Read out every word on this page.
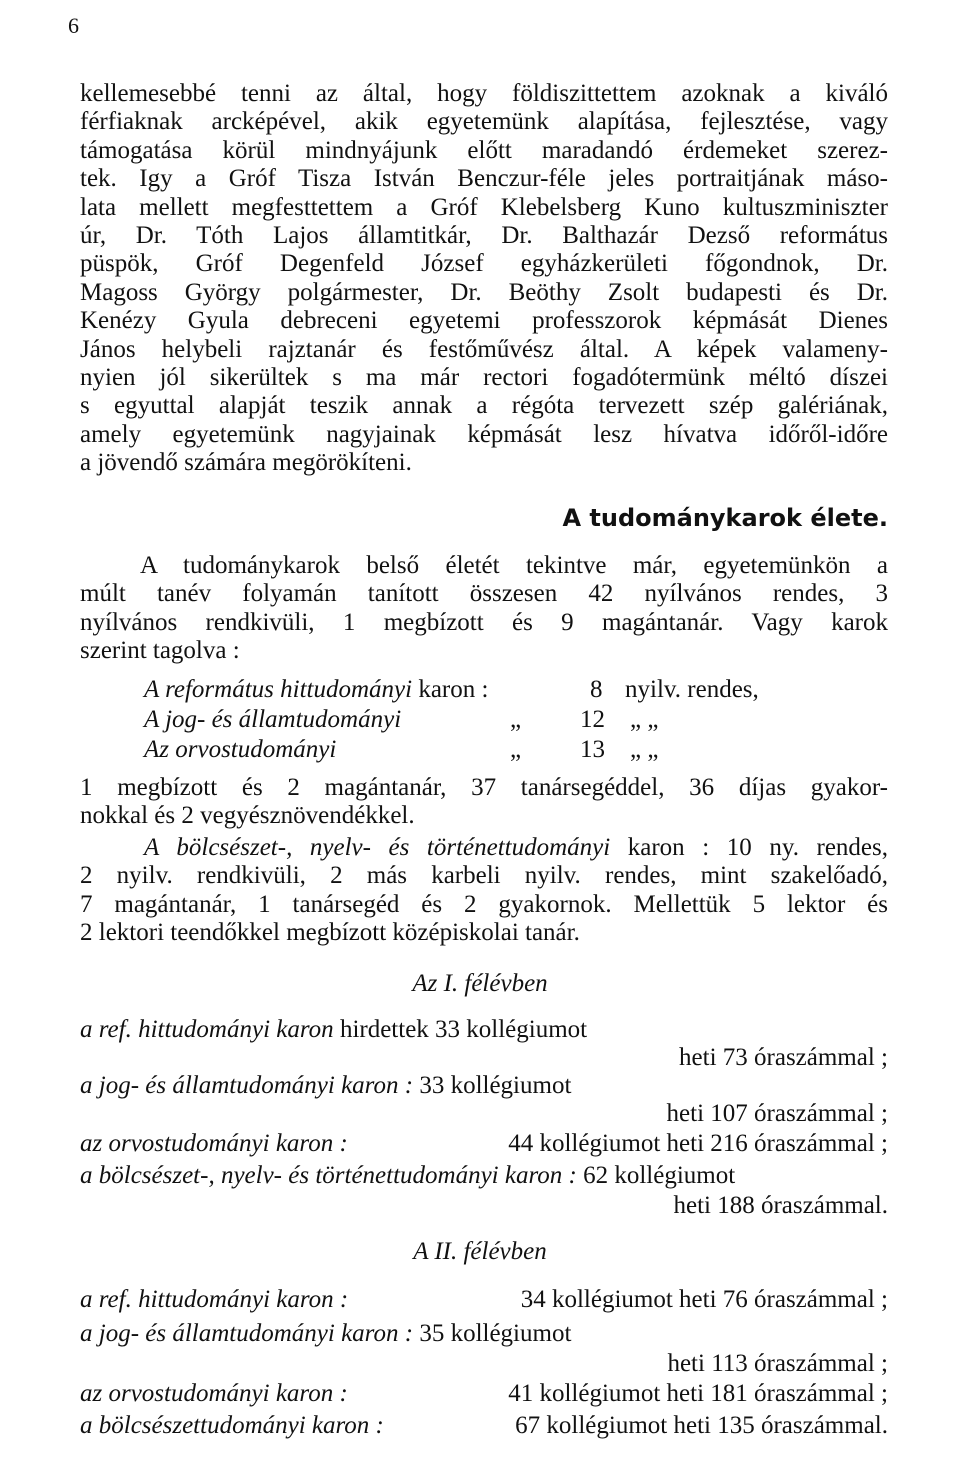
6

kellemesebbé tenni az által, hogy földiszittettem azoknak a kiváló
férfiaknak arcképével, akik egyetemünk alapítása, fejlesztése, vagy
támogatása körül mindnyájunk előtt maradandó érdemeket szerez-
tek. Igy a Gróf Tisza István Benczur-féle jeles portraitjának máso-
lata mellett megfesttettem a Gróf Klebelsberg Kuno kultuszminiszter
úr, Dr. Tóth Lajos államtitkár, Dr. Balthazár Dezső református
püspök, Gróf Degenfeld József egyházkerületi főgondnok, Dr.
Magoss György polgármester, Dr. Beöthy Zsolt budapesti és Dr.
Kenézy Gyula debreceni egyetemi professzorok képmását Dienes
János helybeli rajztanár és festőművész által. A képek valameny-
nyien jól sikerültek s ma már rectori fogadótermünk méltó díszei
s egyuttal alapját teszik annak a régóta tervezett szép galériának,
amely egyetemünk nagyjainak képmását lesz hívatva időről-időre
a jövendő számára megörökíteni.

A tudománykarok élete.

A tudománykarok belső életét tekintve már, egyetemünkön a
múlt tanév folyamán tanított összesen 42 nyílvános rendes, 3
nyílvános rendkivüli, 1 megbízott és 9 magántanár. Vagy karok
szerint tagolva :

A református hittudományi karon :	8 nyilv. rendes,
A jog- és államtudományi	„ 12 „ „
Az orvostudományi	„ 13 „ „

1 megbízott és 2 magántanár, 37 tanársegéddel, 36 díjas gyakor-
nokkal és 2 vegyésznövendékkel.

A bölcsészet-, nyelv- és történettudományi karon : 10 ny. rendes,
2 nyilv. rendkivüli, 2 más karbeli nyilv. rendes, mint szakelőadó,
7 magántanár, 1 tanársegéd és 2 gyakornok. Mellettük 5 lektor és
2 lektori teendőkkel megbízott középiskolai tanár.

Az I. félévben
a ref. hittudományi karon hirdettek 33 kollégiumot
heti 73 óraszámmal ;
a jog- és államtudományi karon : 33 kollégiumot
heti 107 óraszámmal ;
az orvostudományi karon :	44 kollégiumot heti 216 óraszámmal ;
a bölcsészet-, nyelv- és történettudományi karon : 62 kollégiumot
heti 188 óraszámmal.
A II. félévben
a ref. hittudományi karon :	34 kollégiumot heti 76 óraszámmal ;
a jog- és államtudományi karon : 35 kollégiumot
heti 113 óraszámmal ;
az orvostudományi karon :	41 kollégiumot heti 181 óraszámmal ;
a bölcsészettudományi karon :	67 kollégiumot heti 135 óraszámmal.
